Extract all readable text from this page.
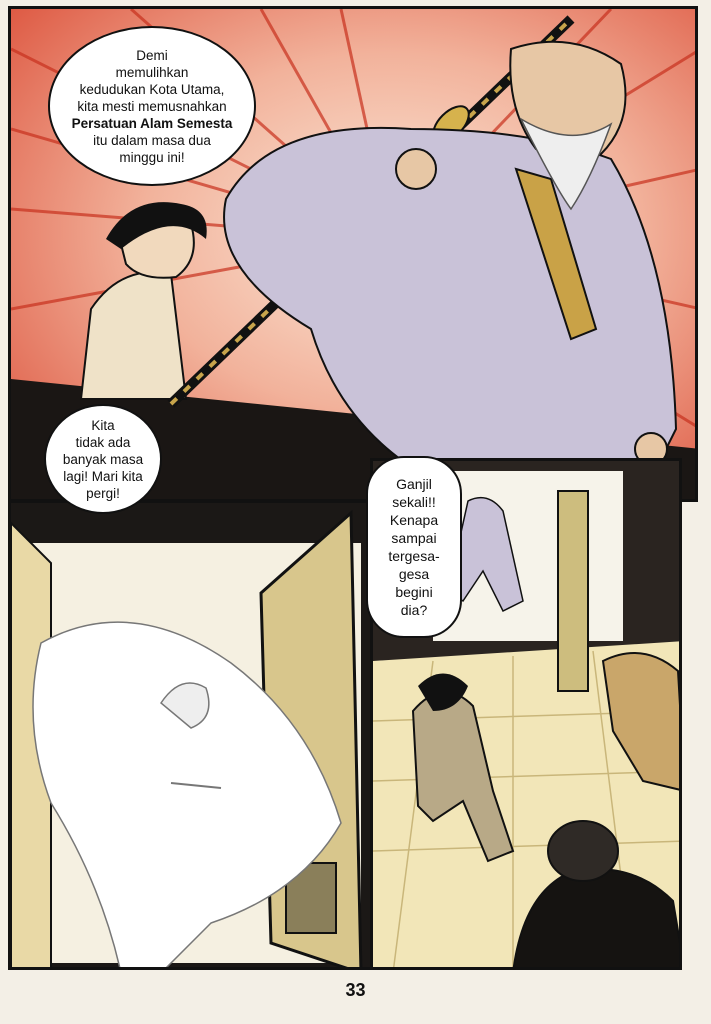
Demi
memulihkan
kedudukan Kota Utama,
kita mesti memusnahkan
Persatuan Alam Semesta
itu dalam masa dua
minggu ini!
Kita
tidak ada
banyak masa
lagi! Mari kita
pergi!
Ganjil
sekali!!
Kenapa
sampai
tergesa-
gesa
begini
dia?
33
